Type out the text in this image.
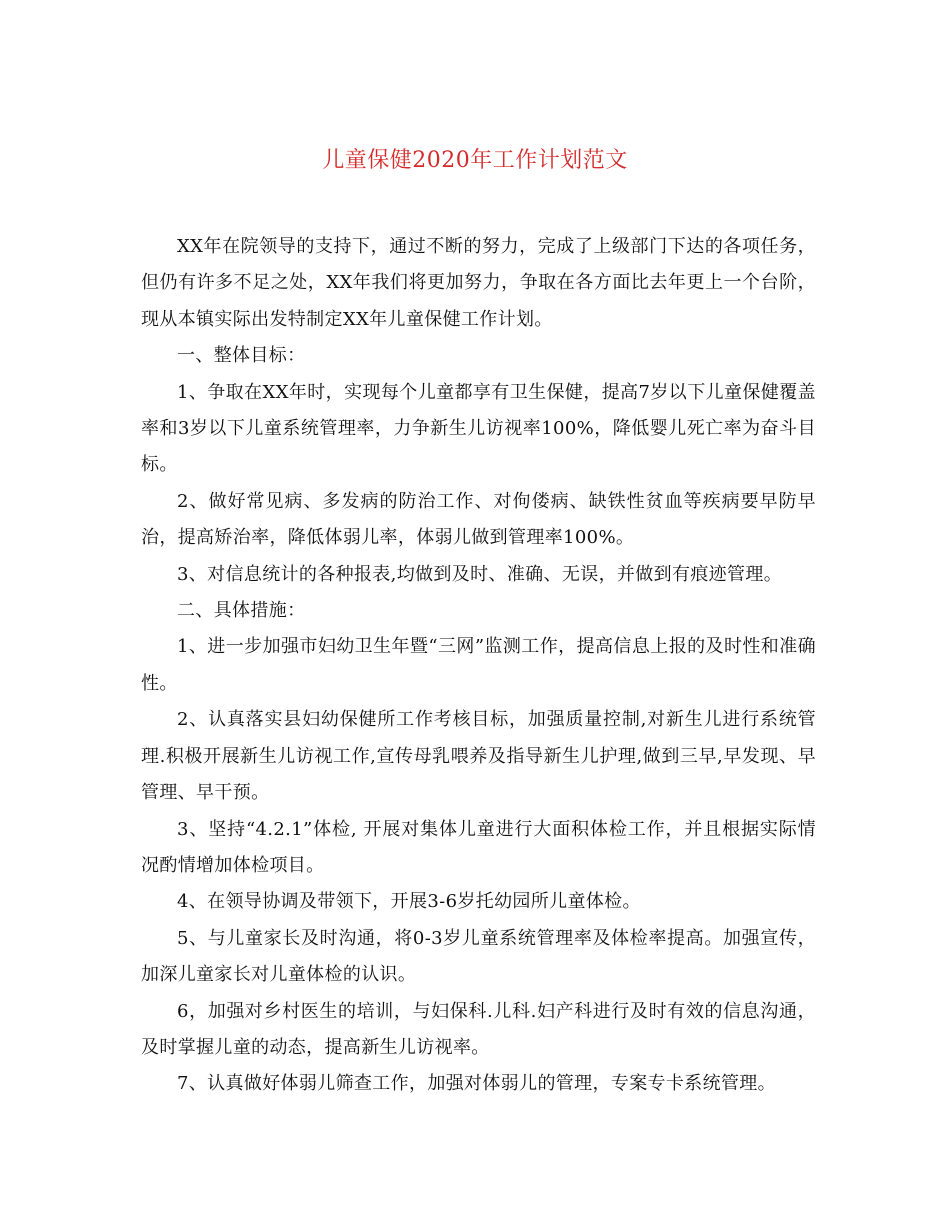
儿童保健2020年工作计划范文

XX年在院领导的支持下，通过不断的努力，完成了上级部门下达的各项任务，但仍有许多不足之处，XX年我们将更加努力，争取在各方面比去年更上一个台阶，现从本镇实际出发特制定XX年儿童保健工作计划。

一、整体目标：

1、争取在XX年时，实现每个儿童都享有卫生保健，提高7岁以下儿童保健覆盖率和3岁以下儿童系统管理率，力争新生儿访视率100%，降低婴儿死亡率为奋斗目标。

2、做好常见病、多发病的防治工作、对佝偻病、缺铁性贫血等疾病要早防早治，提高矫治率，降低体弱儿率，体弱儿做到管理率100%。

3、对信息统计的各种报表,均做到及时、准确、无误，并做到有痕迹管理。

二、具体措施：

1、进一步加强市妇幼卫生年暨“三网”监测工作，提高信息上报的及时性和准确性。

2、认真落实县妇幼保健所工作考核目标，加强质量控制,对新生儿进行系统管理.积极开展新生儿访视工作,宣传母乳喂养及指导新生儿护理,做到三早,早发现、早管理、早干预。

3、坚持“4.2.1”体检, 开展对集体儿童进行大面积体检工作，并且根据实际情况酌情增加体检项目。

4、在领导协调及带领下，开展3-6岁托幼园所儿童体检。

5、与儿童家长及时沟通，将0-3岁儿童系统管理率及体检率提高。加强宣传，加深儿童家长对儿童体检的认识。

6，加强对乡村医生的培训，与妇保科.儿科.妇产科进行及时有效的信息沟通，及时掌握儿童的动态，提高新生儿访视率。

7、认真做好体弱儿筛查工作，加强对体弱儿的管理，专案专卡系统管理。
